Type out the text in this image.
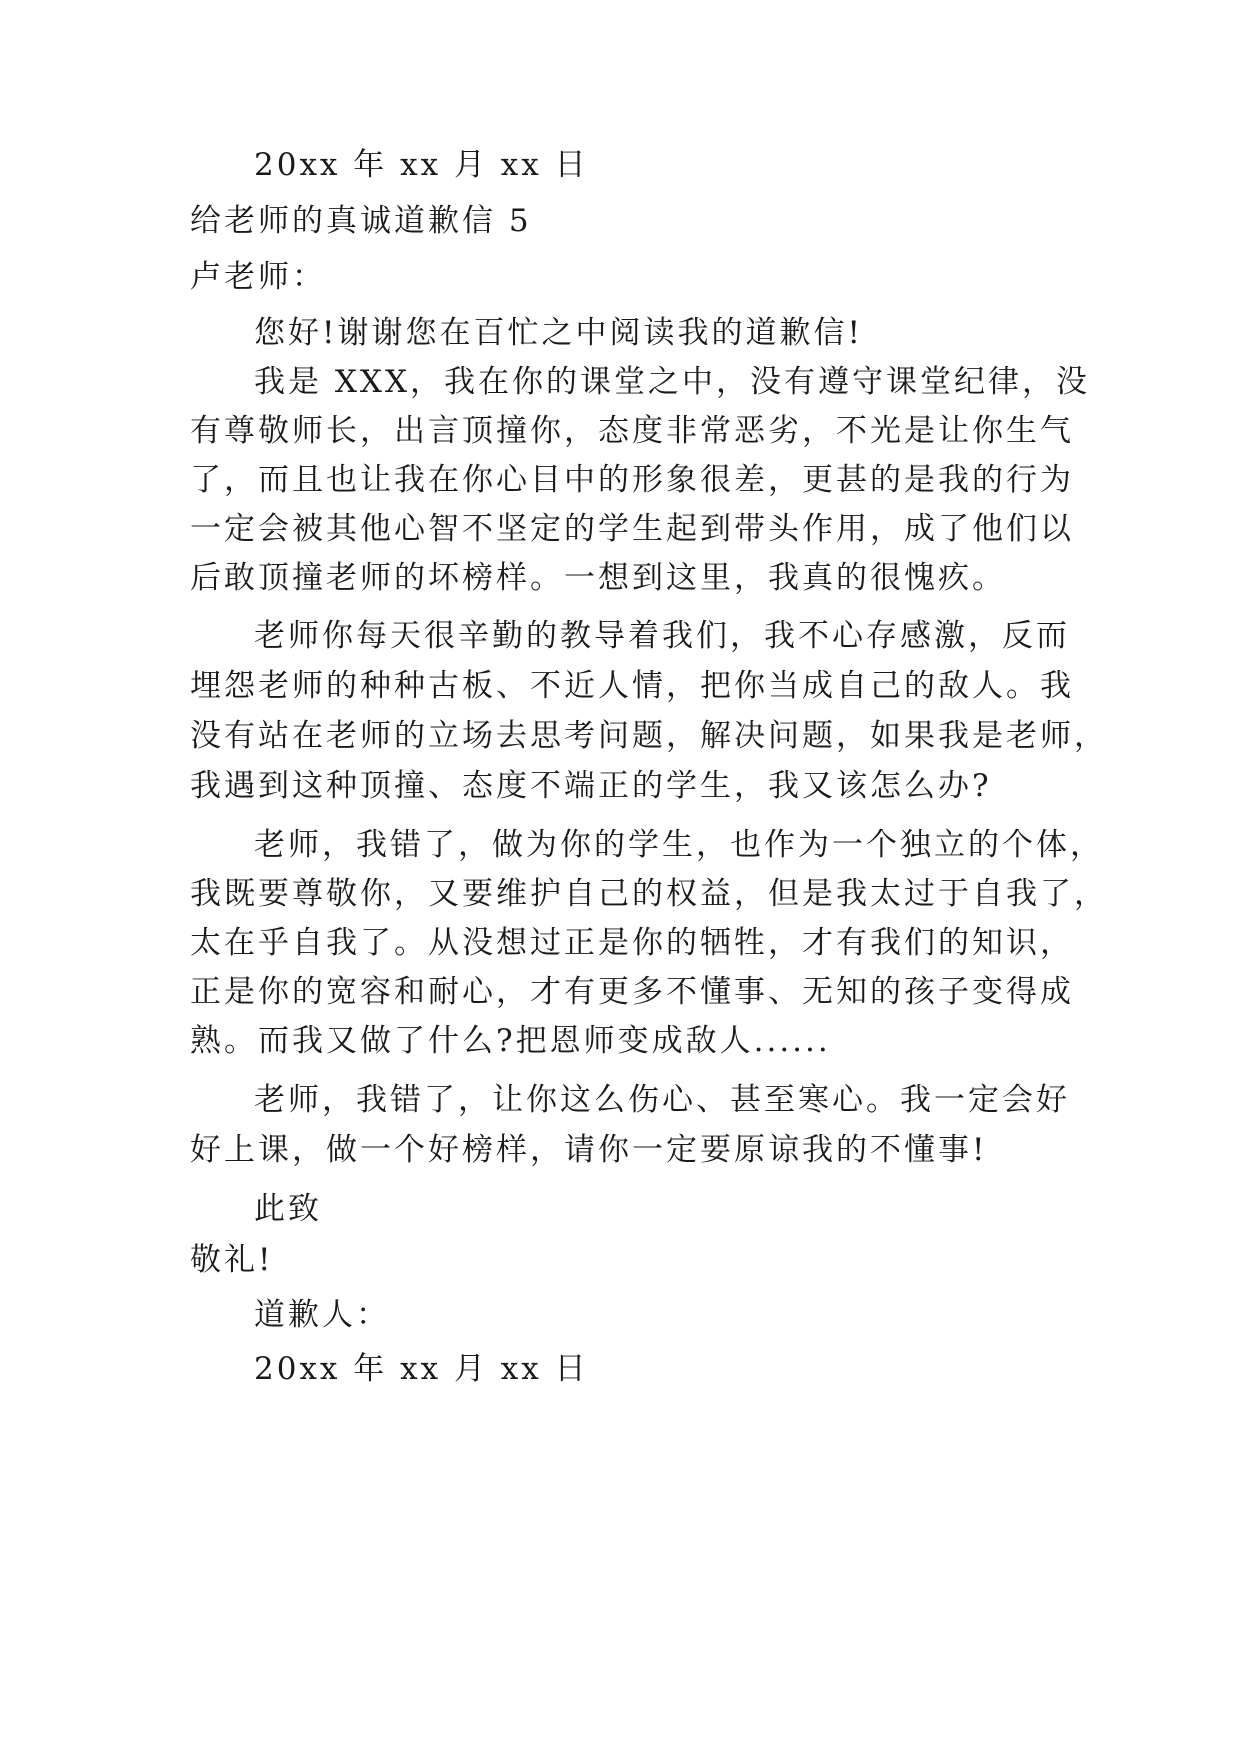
20xx 年 xx 月 xx 日
给老师的真诚道歉信 5
卢老师：
您好!谢谢您在百忙之中阅读我的道歉信!
我是 XXX，我在你的课堂之中，没有遵守课堂纪律，没
有尊敬师长，出言顶撞你，态度非常恶劣，不光是让你生气
了，而且也让我在你心目中的形象很差，更甚的是我的行为
一定会被其他心智不坚定的学生起到带头作用，成了他们以
后敢顶撞老师的坏榜样。一想到这里，我真的很愧疚。
老师你每天很辛勤的教导着我们，我不心存感激，反而
埋怨老师的种种古板、不近人情，把你当成自己的敌人。我
没有站在老师的立场去思考问题，解决问题，如果我是老师，
我遇到这种顶撞、态度不端正的学生，我又该怎么办?
老师，我错了，做为你的学生，也作为一个独立的个体，
我既要尊敬你，又要维护自己的权益，但是我太过于自我了，
太在乎自我了。从没想过正是你的牺牲，才有我们的知识，
正是你的宽容和耐心，才有更多不懂事、无知的孩子变得成
熟。而我又做了什么?把恩师变成敌人......
老师，我错了，让你这么伤心、甚至寒心。我一定会好
好上课，做一个好榜样，请你一定要原谅我的不懂事!
此致
敬礼!
道歉人：
20xx 年 xx 月 xx 日
